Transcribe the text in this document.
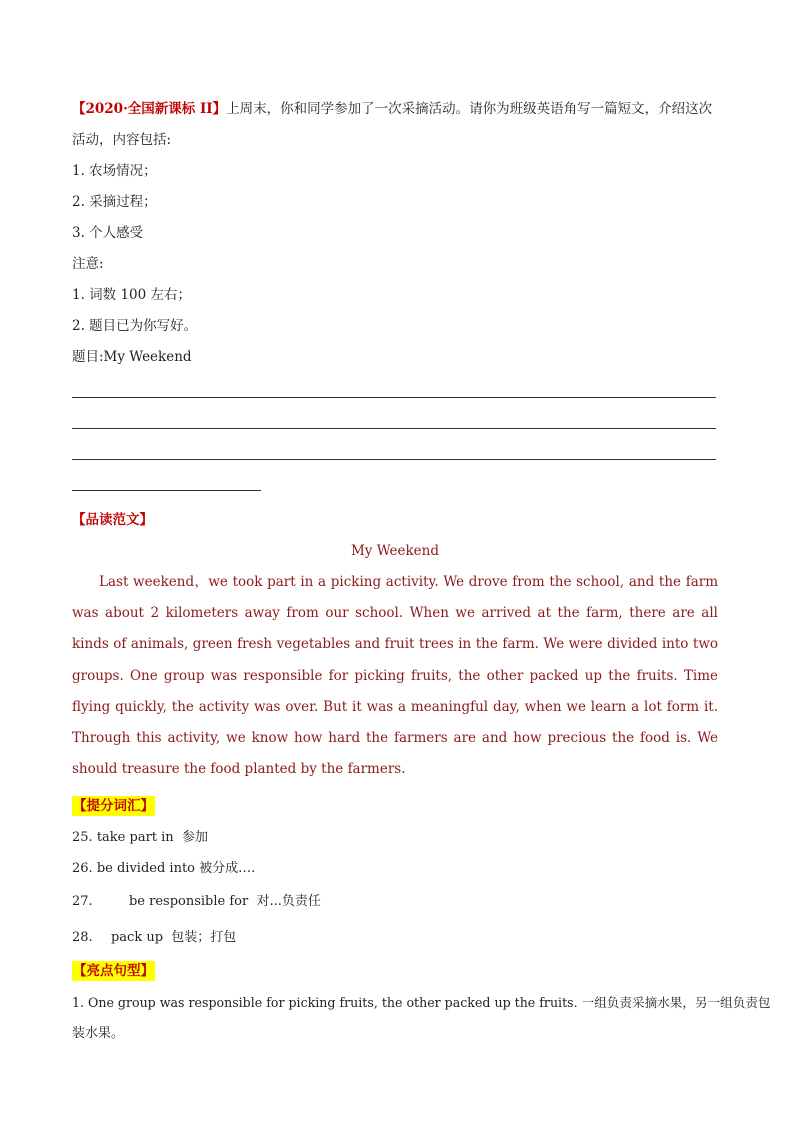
【2020·全国新课标 II】上周末，你和同学参加了一次采摘活动。请你为班级英语角写一篇短文，介绍这次
活动，内容包括:
1. 农场情况；
2. 采摘过程；
3. 个人感受
注意:
1. 词数 100 左右；
2. 题目已为你写好。
题目:My Weekend
【品读范文】
My Weekend
Last weekend，we took part in a picking activity. We drove from the school, and the farm was about 2 kilometers away from our school. When we arrived at the farm, there are all kinds of animals, green fresh vegetables and fruit trees in the farm. We were divided into two groups. One group was responsible for picking fruits, the other packed up the fruits. Time flying quickly, the activity was over. But it was a meaningful day, when we learn a lot form it. Through this activity, we know how hard the farmers are and how precious the food is. We should treasure the food planted by the farmers.
【提分词汇】
25. take part in 参加
26. be divided into 被分成….
27.	be responsible for 对...负责任
28. pack up 包装；打包
【亮点句型】
1. One group was responsible for picking fruits, the other packed up the fruits. 一组负责采摘水果，另一组负责包
装水果。
